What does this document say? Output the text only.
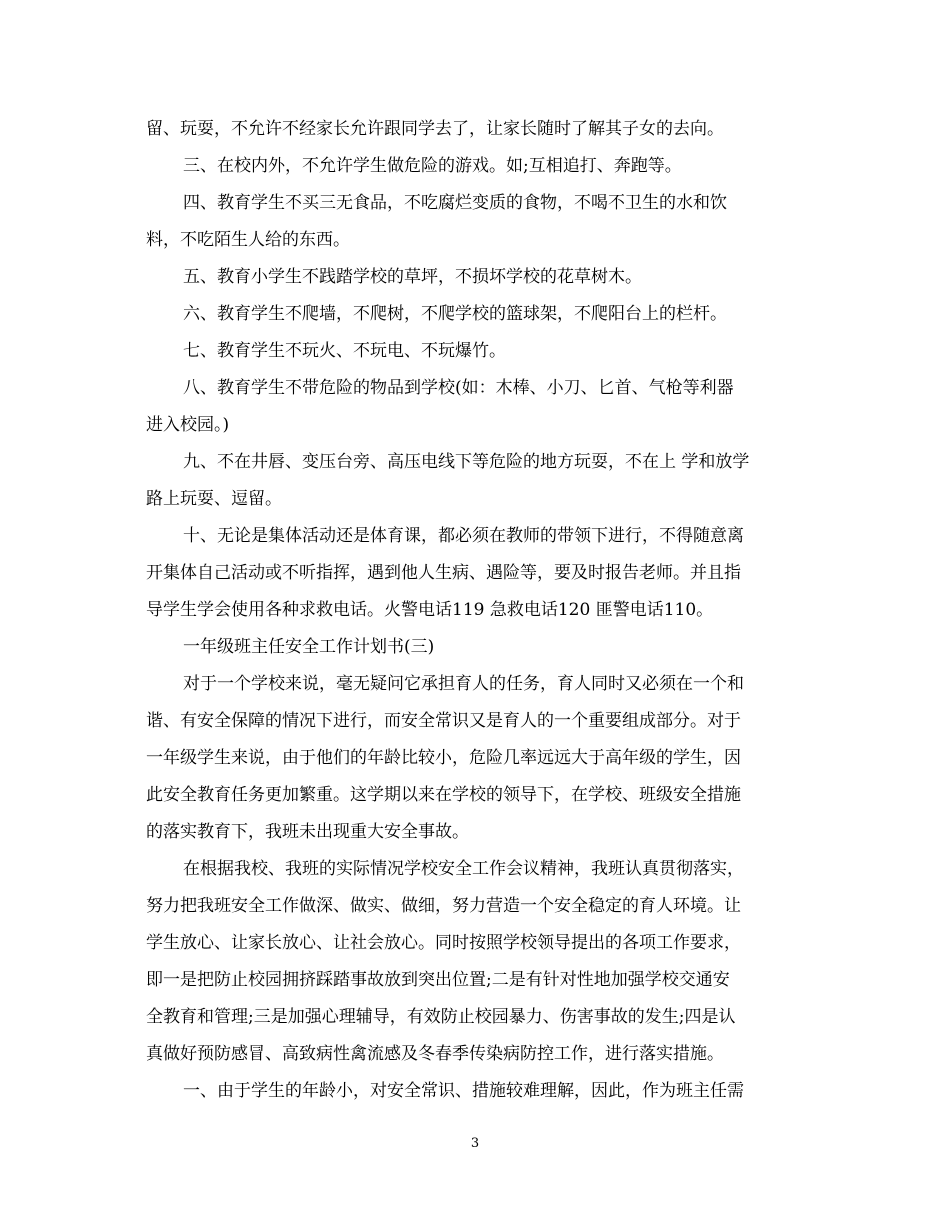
留、玩耍，不允许不经家长允许跟同学去了，让家长随时了解其子女的去向。
三、在校内外，不允许学生做危险的游戏。如;互相追打、奔跑等。
四、教育学生不买三无食品，不吃腐烂变质的食物，不喝不卫生的水和饮
料，不吃陌生人给的东西。
五、教育小学生不践踏学校的草坪，不损坏学校的花草树木。
六、教育学生不爬墙，不爬树，不爬学校的篮球架，不爬阳台上的栏杆。
七、教育学生不玩火、不玩电、不玩爆竹。
八、教育学生不带危险的物品到学校(如：木棒、小刀、匕首、气枪等利器
进入校园。)
九、不在井唇、变压台旁、高压电线下等危险的地方玩耍，不在上 学和放学
路上玩耍、逗留。
十、无论是集体活动还是体育课，都必须在教师的带领下进行，不得随意离
开集体自己活动或不听指挥，遇到他人生病、遇险等，要及时报告老师。并且指
导学生学会使用各种求救电话。火警电话119 急救电话120 匪警电话110。
一年级班主任安全工作计划书(三)
对于一个学校来说，毫无疑问它承担育人的任务，育人同时又必须在一个和
谐、有安全保障的情况下进行，而安全常识又是育人的一个重要组成部分。对于
一年级学生来说，由于他们的年龄比较小，危险几率远远大于高年级的学生，因
此安全教育任务更加繁重。这学期以来在学校的领导下，在学校、班级安全措施
的落实教育下，我班未出现重大安全事故。
在根据我校、我班的实际情况学校安全工作会议精神，我班认真贯彻落实，
努力把我班安全工作做深、做实、做细，努力营造一个安全稳定的育人环境。让
学生放心、让家长放心、让社会放心。同时按照学校领导提出的各项工作要求，
即一是把防止校园拥挤踩踏事故放到突出位置;二是有针对性地加强学校交通安
全教育和管理;三是加强心理辅导，有效防止校园暴力、伤害事故的发生;四是认
真做好预防感冒、高致病性禽流感及冬春季传染病防控工作，进行落实措施。
一、由于学生的年龄小，对安全常识、措施较难理解，因此，作为班主任需
3
